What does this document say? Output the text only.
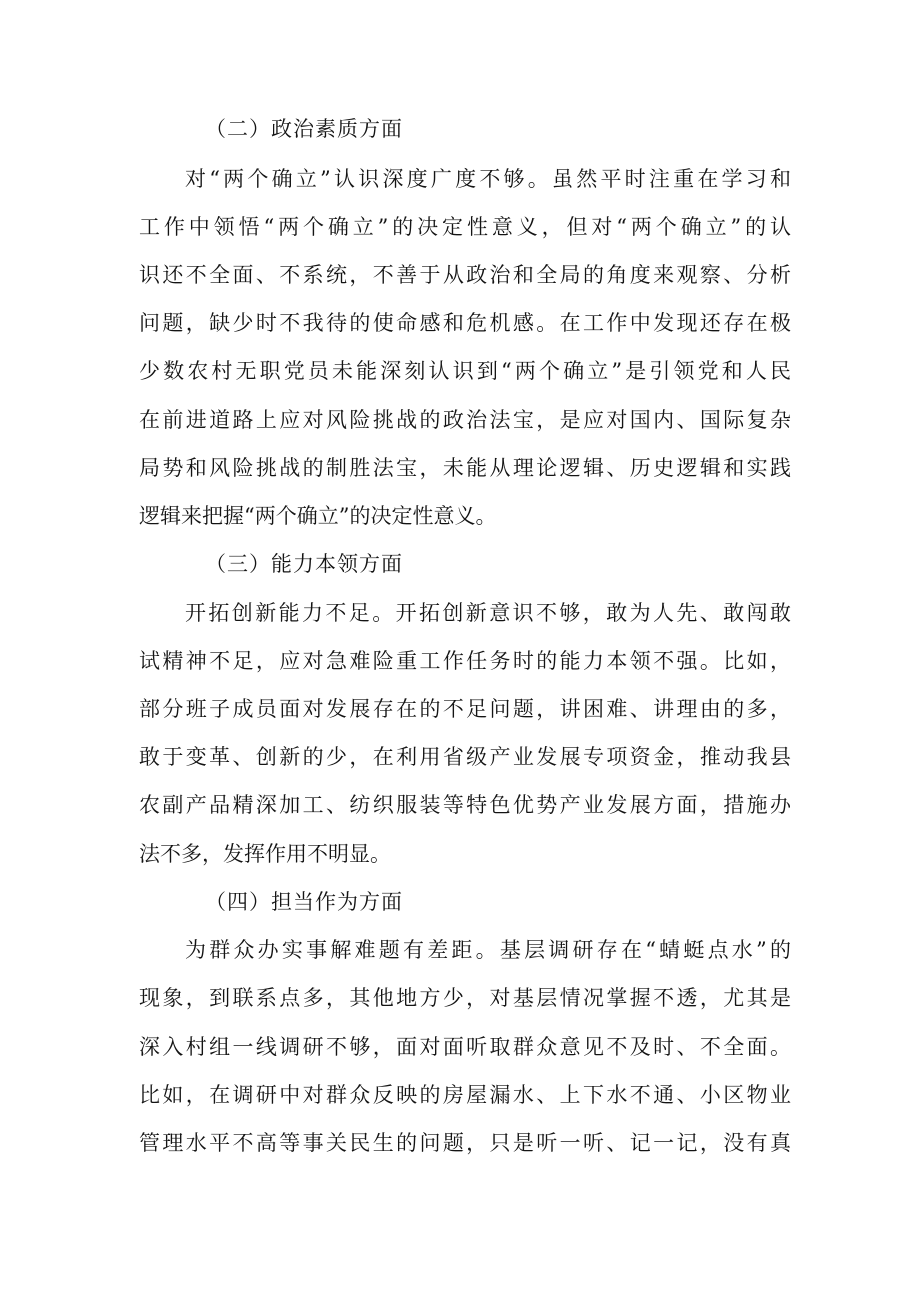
（二）政治素质方面
对“两个确立”认识深度广度不够。虽然平时注重在学习和
工作中领悟“两个确立”的决定性意义，但对“两个确立”的认
识还不全面、不系统，不善于从政治和全局的角度来观察、分析
问题，缺少时不我待的使命感和危机感。在工作中发现还存在极
少数农村无职党员未能深刻认识到“两个确立”是引领党和人民
在前进道路上应对风险挑战的政治法宝，是应对国内、国际复杂
局势和风险挑战的制胜法宝，未能从理论逻辑、历史逻辑和实践
逻辑来把握“两个确立”的决定性意义。
（三）能力本领方面
开拓创新能力不足。开拓创新意识不够，敢为人先、敢闯敢
试精神不足，应对急难险重工作任务时的能力本领不强。比如，
部分班子成员面对发展存在的不足问题，讲困难、讲理由的多，
敢于变革、创新的少，在利用省级产业发展专项资金，推动我县
农副产品精深加工、纺织服装等特色优势产业发展方面，措施办
法不多，发挥作用不明显。
（四）担当作为方面
为群众办实事解难题有差距。基层调研存在“蜻蜓点水”的
现象，到联系点多，其他地方少，对基层情况掌握不透，尤其是
深入村组一线调研不够，面对面听取群众意见不及时、不全面。
比如，在调研中对群众反映的房屋漏水、上下水不通、小区物业
管理水平不高等事关民生的问题，只是听一听、记一记，没有真
